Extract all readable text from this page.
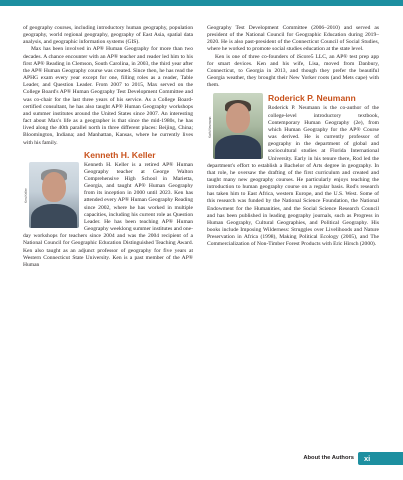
of geography courses, including introductory human geography, population geography, world regional geography, geography of East Asia, spatial data analysis, and geographic information systems (GIS).

Max has been involved in AP® Human Geography for more than two decades. A chance encounter with an AP® teacher and reader led him to his first AP® Reading in Clemson, South Carolina, in 2003, the third year after the AP® Human Geography course was created. Since then, he has read the APHG exam every year except for one, filling roles as a reader, Table Leader, and Question Leader. From 2007 to 2015, Max served on the College Board's AP® Human Geography Test Development Committee and was co-chair for the last three years of his service. As a College Board-certified consultant, he has also taught AP® Human Geography workshops and summer institutes around the United States since 2007. An interesting fact about Max's life as a geographer is that since the mid-1980s, he has lived along the 40th parallel north in three different places: Beijing, China; Bloomington, Indiana; and Manhattan, Kansas, where he currently lives with his family.

Ken Keller
Kenneth H. Keller

Kenneth H. Keller is a retired AP® Human Geography teacher at George Walton Comprehensive High School in Marietta, Georgia, and taught AP® Human Geography from its inception in 2000 until 2023. Ken has attended every AP® Human Geography Reading since 2002, where he has worked in multiple capacities, including his current role as Question Leader. He has been teaching AP® Human Geography weeklong summer institutes and one-day workshops for teachers since 2004 and was the 2004 recipient of a National Council for Geographic Education Distinguished Teaching Award. Ken also taught as an adjunct professor of geography for five years at Western Connecticut State University. Ken is a past member of the AP® Human

Geography Test Development Committee (2006–2010) and served as president of the National Council for Geographic Education during 2019–2020. He is also past-president of the Connecticut Council of Social Studies, where he worked to promote social studies education at the state level.

Ken is one of three co-founders of iScore5 LLC, an AP® test prep app for smart devices. Ken and his wife, Lisa, moved from Danbury, Connecticut, to Georgia in 2013, and though they prefer the beautiful Georgia weather, they brought their New Yorker roots (and Mets cape) with them.

Kath Neumann
Roderick P. Neumann

Roderick P. Neumann is the co-author of the college-level introductory textbook, Contemporary Human Geography (2e), from which Human Geography for the AP® Course was derived. He is currently professor of geography in the department of global and sociocultural studies at Florida International University. Early in his tenure there, Rod led the department's effort to establish a Bachelor of Arts degree in geography. In that role, he oversaw the drafting of the first curriculum and created and taught many new geography courses. He particularly enjoys teaching the introduction to human geography course on a regular basis. Rod's research has taken him to East Africa, western Europe, and the U.S. West. Some of this research was funded by the National Science Foundation, the National Endowment for the Humanities, and the Social Science Research Council and has been published in leading geography journals, such as Progress in Human Geography, Cultural Geographies, and Political Geography. His books include Imposing Wilderness: Struggles over Livelihoods and Nature Preservation in Africa (1998), Making Political Ecology (2005), and The Commercialization of Non-Timber Forest Products with Eric Hirsch (2000).

About the Authors xi
